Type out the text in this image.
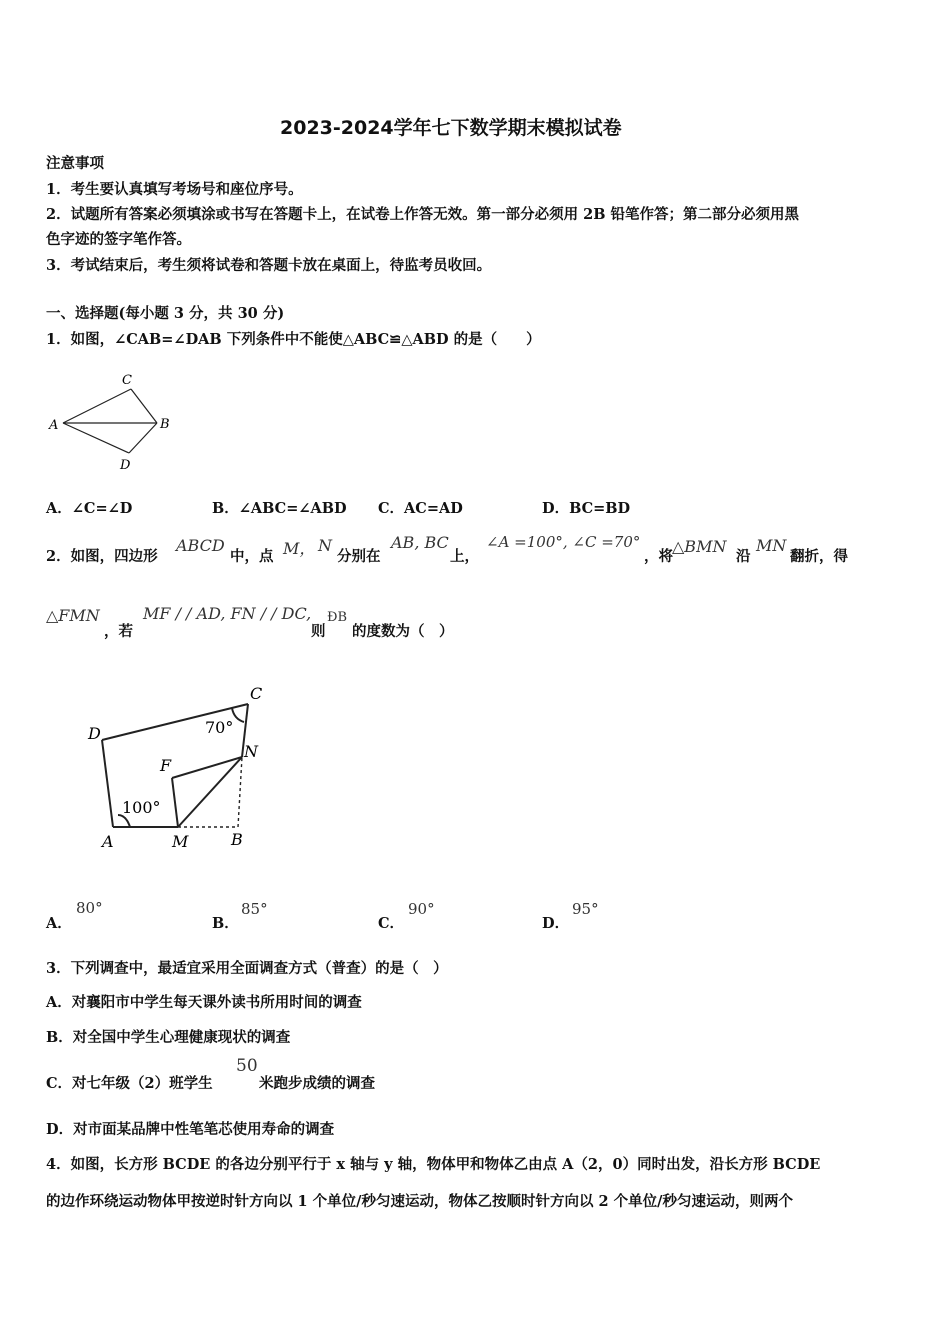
2023-2024学年七下数学期末模拟试卷
注意事项
1．考生要认真填写考场号和座位序号。
2．试题所有答案必须填涂或书写在答题卡上，在试卷上作答无效。第一部分必须用 2B 铅笔作答；第二部分必须用黑
色字迹的签字笔作答。
3．考试结束后，考生须将试卷和答题卡放在桌面上，待监考员收回。
一、选择题(每小题 3 分，共 30 分)
1．如图，∠CAB=∠DAB 下列条件中不能使△ABC≌△ABD 的是（　　）
C
A	B
D
A．∠C=∠D	B．∠ABC=∠ABD C．AC=AD	D．BC=BD
2．如图，四边形
ABCD
中，点 M， N
分别在
AB, BC
上，
∠A =100°, ∠C =70°
，将
△BMN
沿
MN
翻折，得
△FMN
，若
MF / / AD, FN / / DC,
则
ÐB
的度数为（　）
C
D	70°
F
N
100°
A	M	B
A．
80°
B．
85°
C．
90°
D．
95°
3．下列调查中，最适宜采用全面调查方式（普查）的是（　）
A．对襄阳市中学生每天课外读书所用时间的调查
B．对全国中学生心理健康现状的调查
C．对七年级（2）班学生
50
米跑步成绩的调查
D．对市面某品牌中性笔笔芯使用寿命的调查
4．如图，长方形 BCDE 的各边分别平行于 x 轴与 y 轴，物体甲和物体乙由点 A（2，0）同时出发，沿长方形 BCDE
的边作环绕运动物体甲按逆时针方向以 1 个单位/秒匀速运动，物体乙按顺时针方向以 2 个单位/秒匀速运动，则两个
